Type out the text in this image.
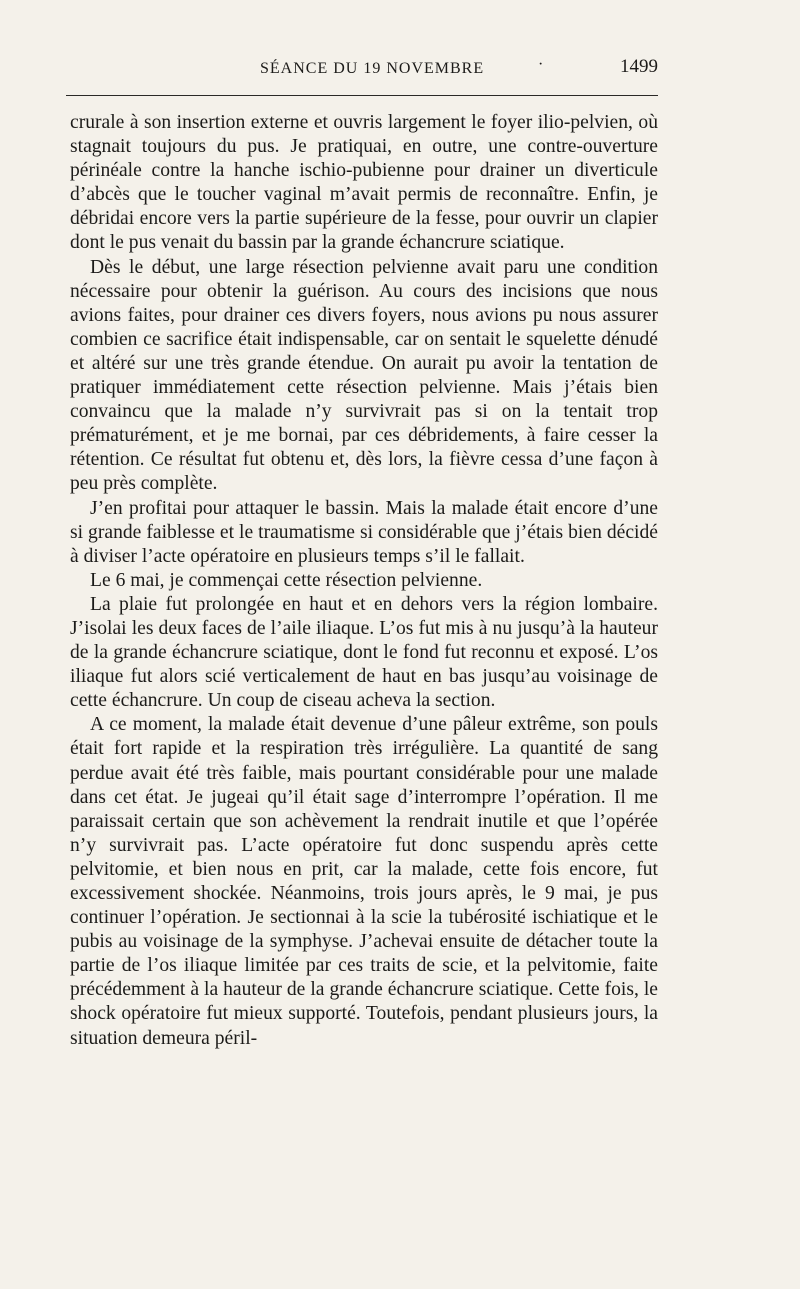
SÉANCE DU 19 NOVEMBRE	·	1499

crurale à son insertion externe et ouvris largement le foyer ilio-pelvien, où stagnait toujours du pus. Je pratiquai, en outre, une contre-ouverture périnéale contre la hanche ischio-pubienne pour drainer un diverticule d’abcès que le toucher vaginal m’avait permis de reconnaître. Enfin, je débridai encore vers la partie supérieure de la fesse, pour ouvrir un clapier dont le pus venait du bassin par la grande échancrure sciatique.

Dès le début, une large résection pelvienne avait paru une condition nécessaire pour obtenir la guérison. Au cours des incisions que nous avions faites, pour drainer ces divers foyers, nous avions pu nous assurer combien ce sacrifice était indispensable, car on sentait le squelette dénudé et altéré sur une très grande étendue. On aurait pu avoir la tentation de pratiquer immédiatement cette résection pelvienne. Mais j’étais bien convaincu que la malade n’y survivrait pas si on la tentait trop prématurément, et je me bornai, par ces débridements, à faire cesser la rétention. Ce résultat fut obtenu et, dès lors, la fièvre cessa d’une façon à peu près complète.

J’en profitai pour attaquer le bassin. Mais la malade était encore d’une si grande faiblesse et le traumatisme si considérable que j’étais bien décidé à diviser l’acte opératoire en plusieurs temps s’il le fallait.

Le 6 mai, je commençai cette résection pelvienne.

La plaie fut prolongée en haut et en dehors vers la région lombaire. J’isolai les deux faces de l’aile iliaque. L’os fut mis à nu jusqu’à la hauteur de la grande échancrure sciatique, dont le fond fut reconnu et exposé. L’os iliaque fut alors scié verticalement de haut en bas jusqu’au voisinage de cette échancrure. Un coup de ciseau acheva la section.

A ce moment, la malade était devenue d’une pâleur extrême, son pouls était fort rapide et la respiration très irrégulière. La quantité de sang perdue avait été très faible, mais pourtant considérable pour une malade dans cet état. Je jugeai qu’il était sage d’interrompre l’opération. Il me paraissait certain que son achèvement la rendrait inutile et que l’opérée n’y survivrait pas. L’acte opératoire fut donc suspendu après cette pelvitomie, et bien nous en prit, car la malade, cette fois encore, fut excessivement shockée. Néanmoins, trois jours après, le 9 mai, je pus continuer l’opération. Je sectionnai à la scie la tubérosité ischiatique et le pubis au voisinage de la symphyse. J’achevai ensuite de détacher toute la partie de l’os iliaque limitée par ces traits de scie, et la pelvitomie, faite précédemment à la hauteur de la grande échancrure sciatique. Cette fois, le shock opératoire fut mieux supporté. Toutefois, pendant plusieurs jours, la situation demeura péril-
